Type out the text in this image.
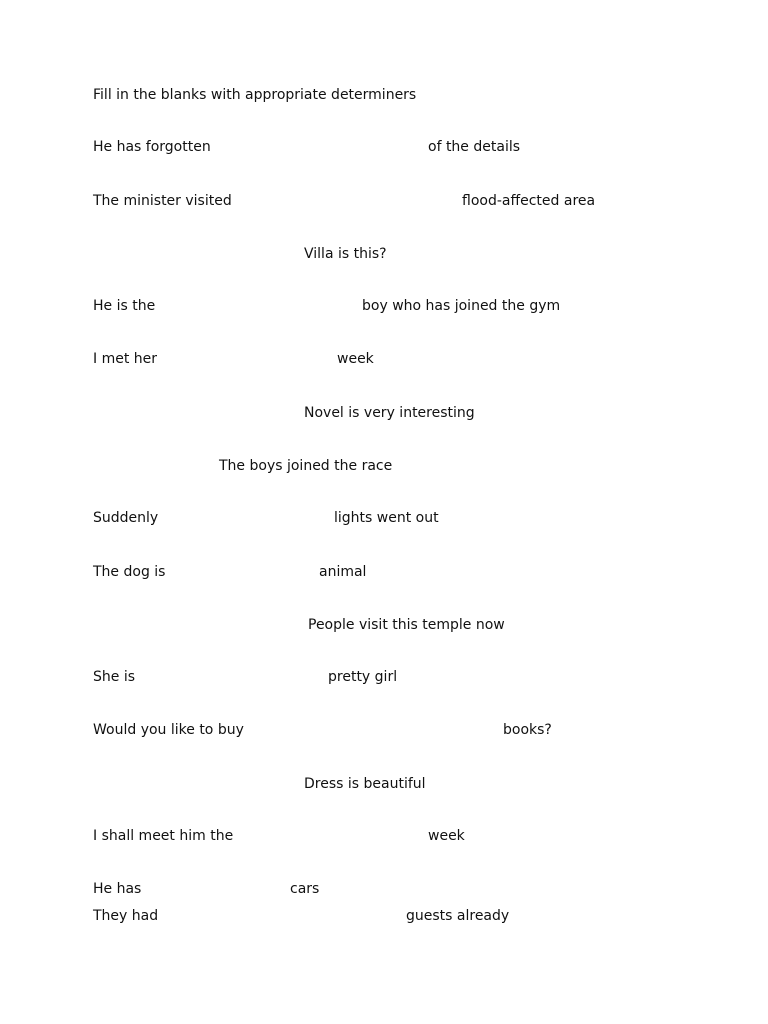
Fill in the blanks with appropriate determiners
He has forgotten	of the details
The minister visited	flood-affected area
Villa is this?
He is the	boy who has joined the gym
I met her	week
Novel is very interesting
The boys joined the race
Suddenly	lights went out
The dog is	animal
People visit this temple now
She is	pretty girl
Would you like to buy	books?
Dress is beautiful
I shall meet him the	week
He has	cars
They had	guests already
